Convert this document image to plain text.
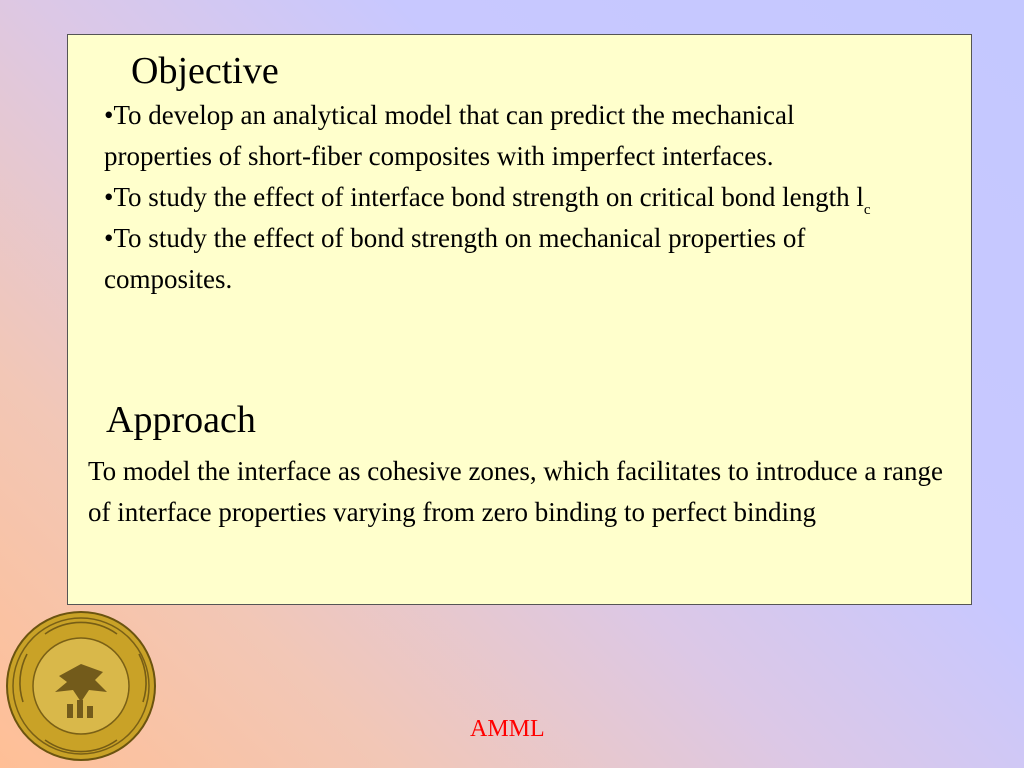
Objective
•To develop an analytical model that can predict the mechanical properties of short-fiber composites with imperfect interfaces.
•To study the effect of interface bond strength on critical bond length $l_c$
•To study the effect of bond strength on mechanical properties of composites.
Approach

To model the interface as cohesive zones, which facilitates to introduce a range of interface properties varying from zero binding to perfect binding

AMML
